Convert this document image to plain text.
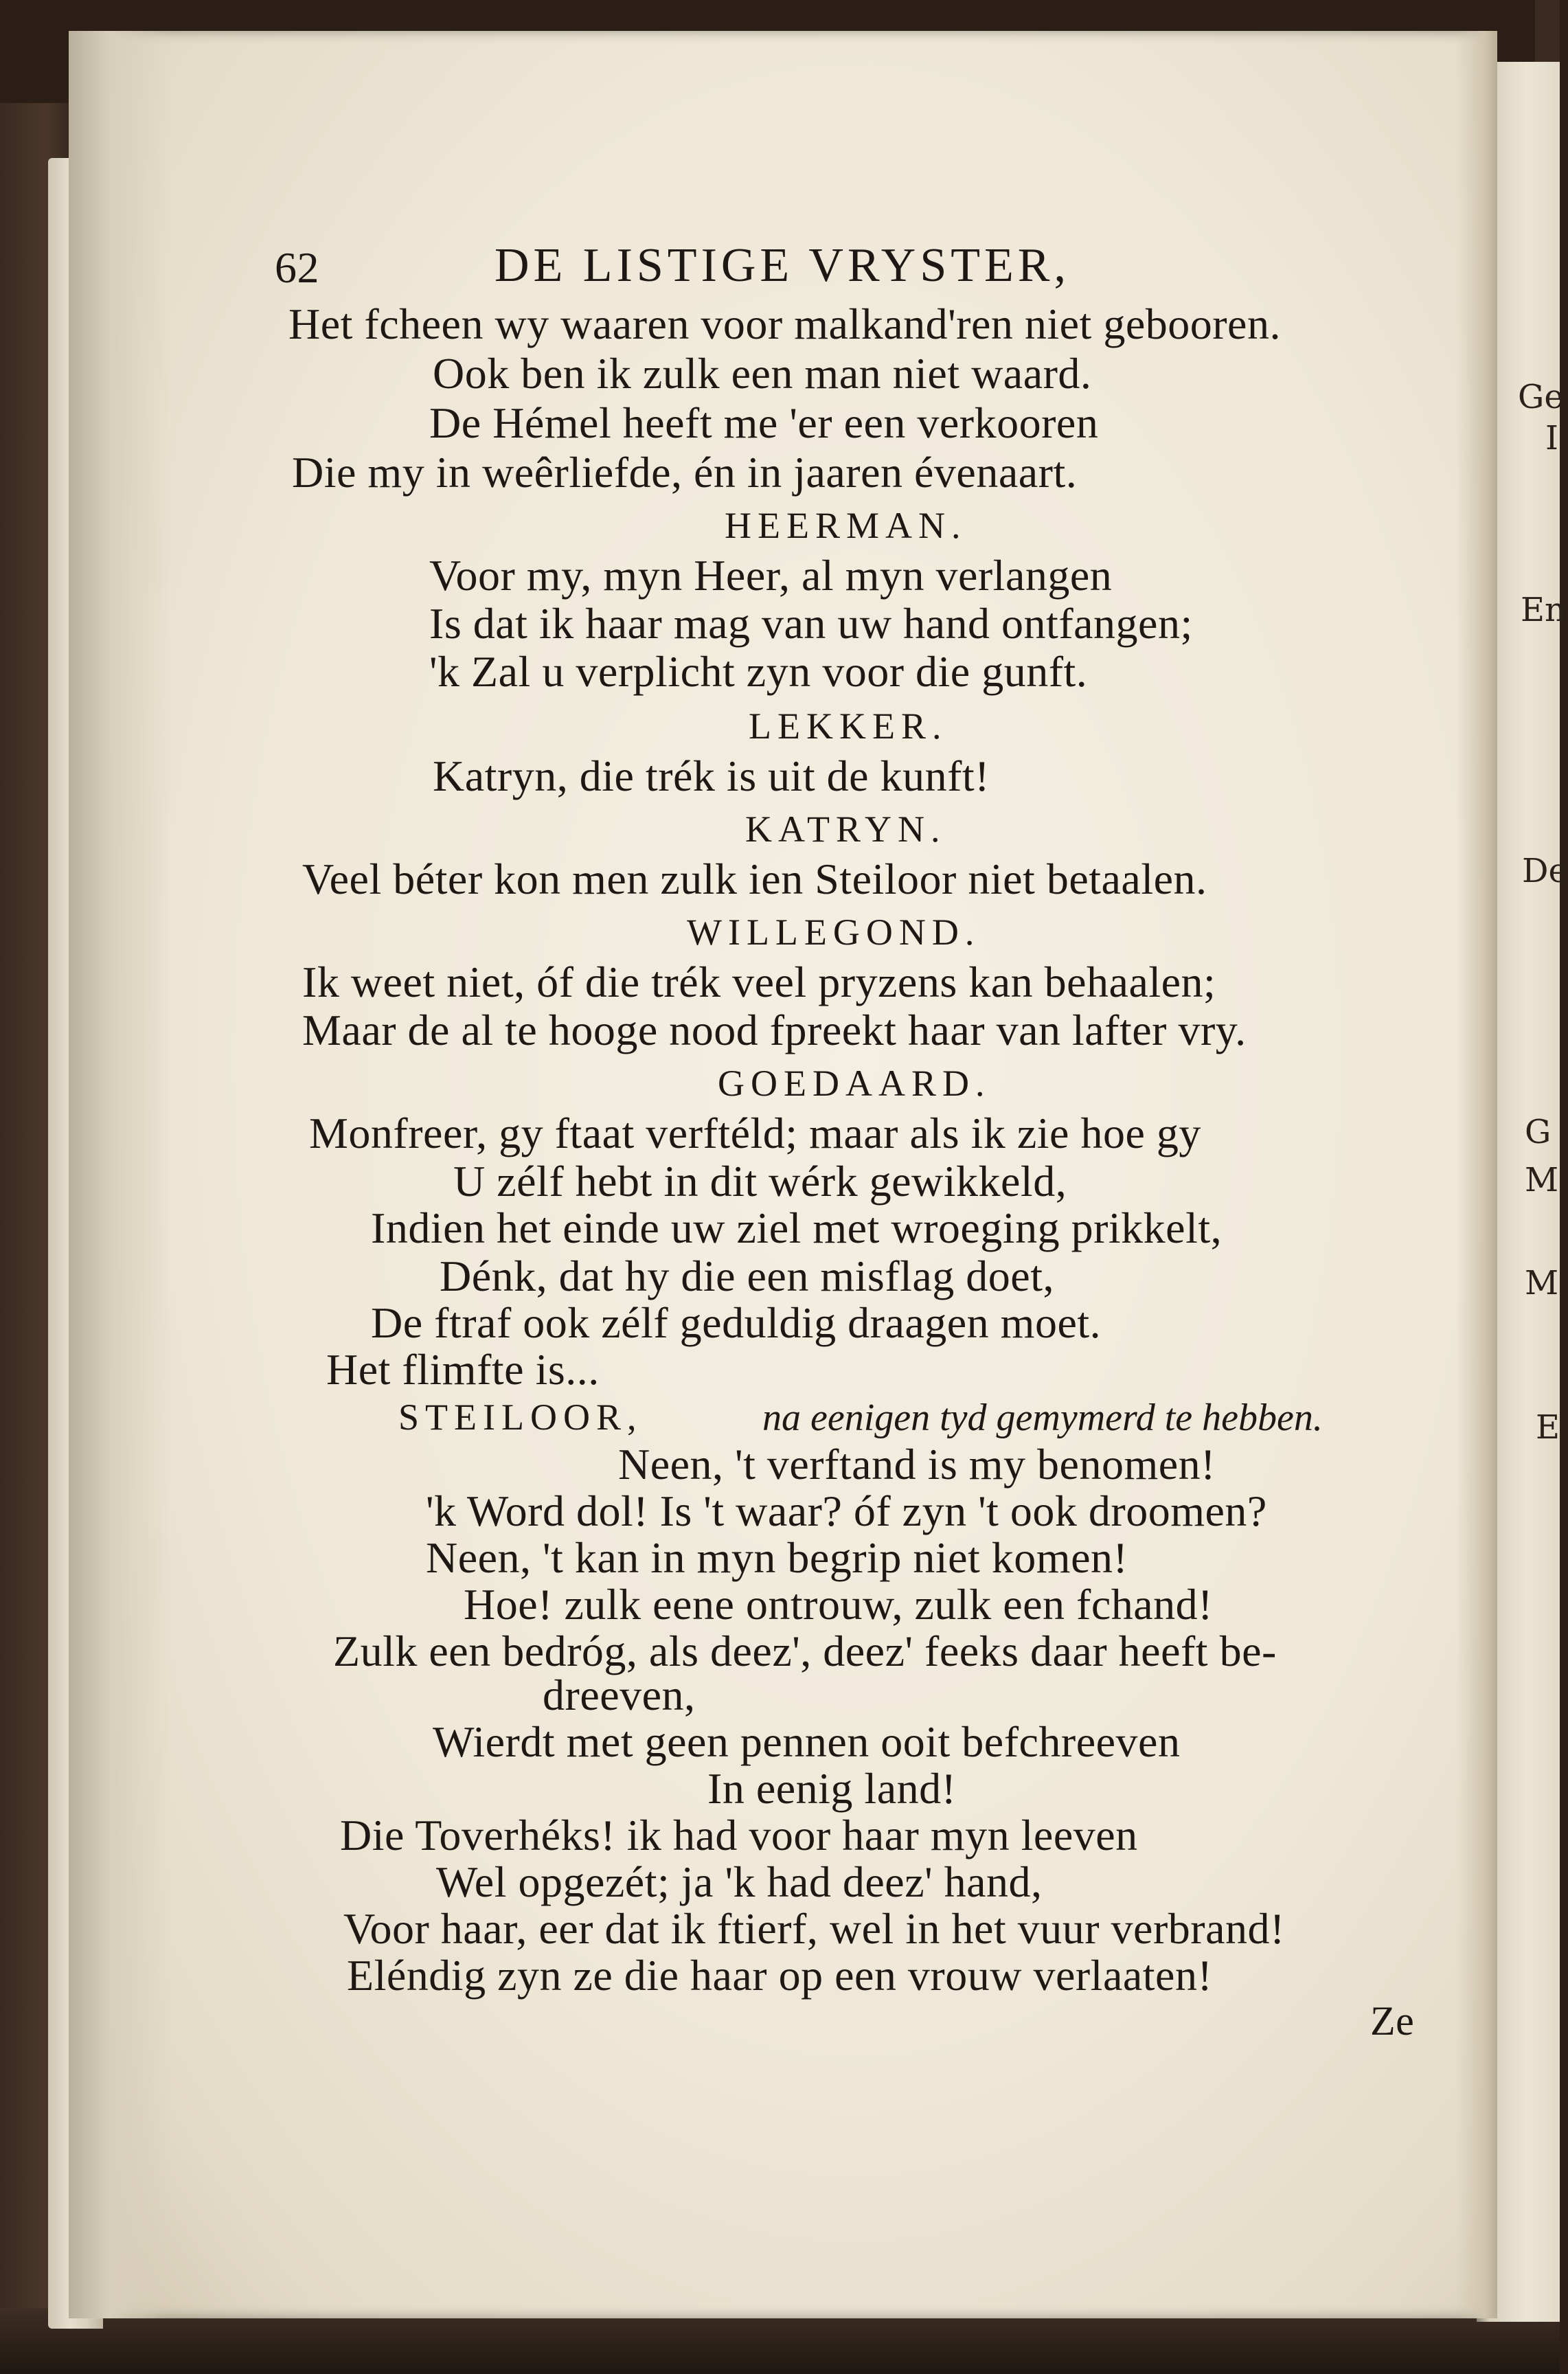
Ge
I
En
De
G
M
M
E
62	DE LISTIGE VRYSTER,
Het fcheen wy waaren voor malkand'ren niet gebooren.
Ook ben ik zulk een man niet waard.
De Hémel heeft me 'er een verkooren
Die my in weêrliefde, én in jaaren évenaart.
HEERMAN.
Voor my, myn Heer, al myn verlangen
Is dat ik haar mag van uw hand ontfangen;
'k Zal u verplicht zyn voor die gunft.
LEKKER.
Katryn, die trék is uit de kunft!
KATRYN.
Veel béter kon men zulk ien Steiloor niet betaalen.
WILLEGOND.
Ik weet niet, óf die trék veel pryzens kan behaalen;
Maar de al te hooge nood fpreekt haar van lafter vry.
GOEDAARD.
Monfreer, gy ftaat verftéld; maar als ik zie hoe gy
U zélf hebt in dit wérk gewikkeld,
Indien het einde uw ziel met wroeging prikkelt,
Dénk, dat hy die een misflag doet,
De ftraf ook zélf geduldig draagen moet.
Het flimfte is...
STEILOOR,	na eenigen tyd gemymerd te hebben.
Neen, 't verftand is my benomen!
'k Word dol! Is 't waar? óf zyn 't ook droomen?
Neen, 't kan in myn begrip niet komen!
Hoe! zulk eene ontrouw, zulk een fchand!
Zulk een bedróg, als deez', deez' feeks daar heeft be-
dreeven,
Wierdt met geen pennen ooit befchreeven
In eenig land!
Die Toverhéks! ik had voor haar myn leeven
Wel opgezét; ja 'k had deez' hand,
Voor haar, eer dat ik ftierf, wel in het vuur verbrand!
Eléndig zyn ze die haar op een vrouw verlaaten!
Ze
